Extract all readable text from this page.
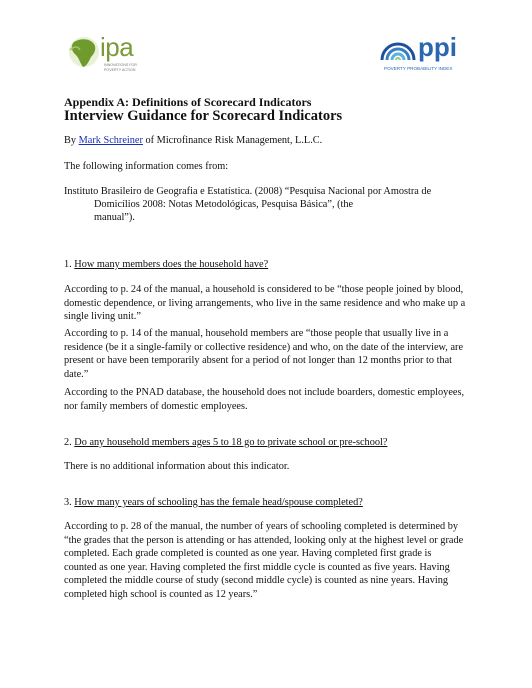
ipa
INNOVATIONS FOR
POVERTY ACTION
ppi
POVERTY PROBABILITY INDEX
Appendix A: Definitions of Scorecard Indicators
Interview Guidance for Scorecard Indicators
By Mark Schreiner of Microfinance Risk Management, L.L.C.
The following information comes from:
Instituto Brasileiro de Geografia e Estatística. (2008) “Pesquisa Nacional por Amostra de
Domicílios 2008: Notas Metodológicas, Pesquisa Básica”, (the
manual”).
1. How many members does the household have?
According to p. 24 of the manual, a household is considered to be “those people joined by blood,
domestic dependence, or living arrangements, who live in the same residence and who make up a
single living unit.”
According to p. 14 of the manual, household members are “those people that usually live in a
residence (be it a single-family or collective residence) and who, on the date of the interview, are
present or have been temporarily absent for a period of not longer than 12 months prior to that
date.”
According to the PNAD database, the household does not include boarders, domestic employees,
nor family members of domestic employees.
2. Do any household members ages 5 to 18 go to private school or pre-school?
There is no additional information about this indicator.
3. How many years of schooling has the female head/spouse completed?
According to p. 28 of the manual, the number of years of schooling completed is determined by
“the grades that the person is attending or has attended, looking only at the highest level or grade
completed. Each grade completed is counted as one year. Having completed first grade is
counted as one year. Having completed the first middle cycle is counted as five years. Having
completed the middle course of study (second middle cycle) is counted as nine years. Having
completed high school is counted as 12 years.”
